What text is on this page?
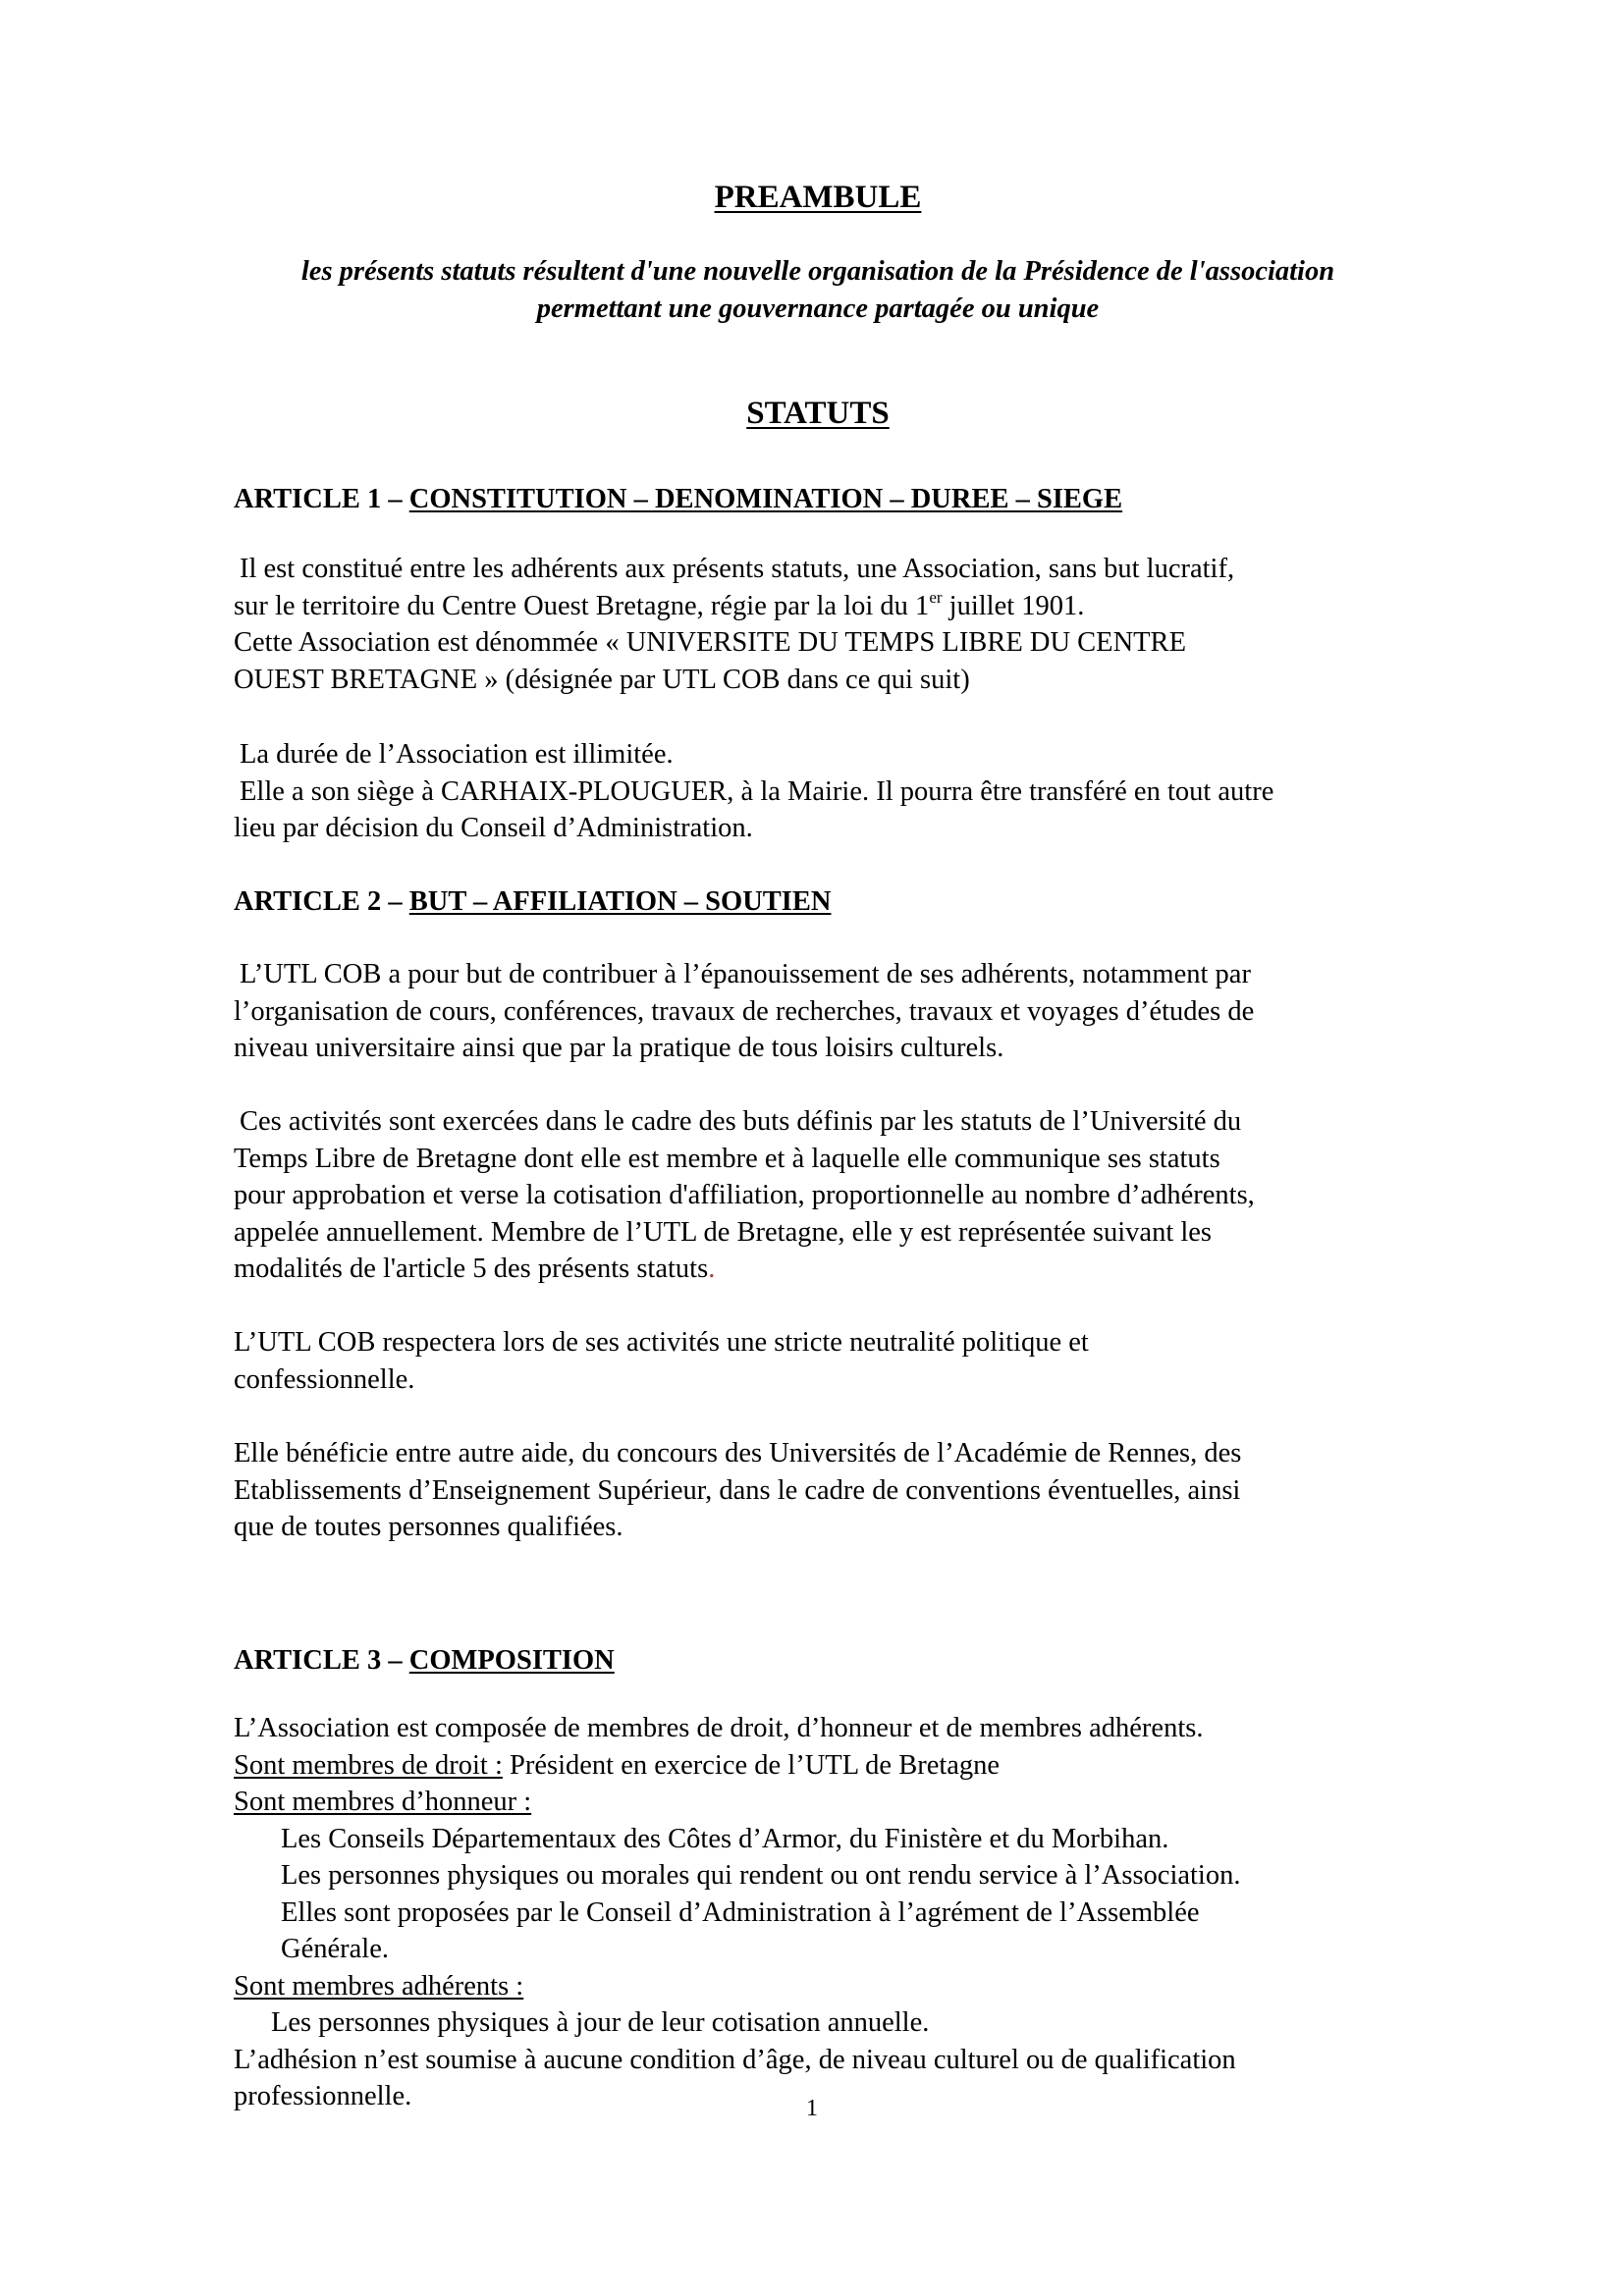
PREAMBULE
les présents statuts résultent d'une nouvelle organisation de la Présidence de l'association
permettant une gouvernance partagée ou unique
STATUTS
ARTICLE 1 – CONSTITUTION – DENOMINATION – DUREE – SIEGE
Il est constitué entre les adhérents aux présents statuts, une Association, sans but lucratif,
sur le territoire du Centre Ouest Bretagne, régie par la loi du 1er juillet 1901.
Cette Association est dénommée « UNIVERSITE DU TEMPS LIBRE DU CENTRE
OUEST BRETAGNE » (désignée par UTL COB dans ce qui suit)
La durée de l’Association est illimitée.
Elle a son siège à CARHAIX-PLOUGUER, à la Mairie. Il pourra être transféré en tout autre
lieu par décision du Conseil d’Administration.
ARTICLE 2 – BUT – AFFILIATION – SOUTIEN
L’UTL COB a pour but de contribuer à l’épanouissement de ses adhérents, notamment par
l’organisation de cours, conférences, travaux de recherches, travaux et voyages d’études de
niveau universitaire ainsi que par la pratique de tous loisirs culturels.
Ces activités sont exercées dans le cadre des buts définis par les statuts de l’Université du
Temps Libre de Bretagne dont elle est membre et à laquelle elle communique ses statuts
pour approbation et verse la cotisation d'affiliation, proportionnelle au nombre d’adhérents,
appelée annuellement. Membre de l’UTL de Bretagne, elle y est représentée suivant les
modalités de l'article 5 des présents statuts.
L’UTL COB respectera lors de ses activités une stricte neutralité politique et
confessionnelle.
Elle bénéficie entre autre aide, du concours des Universités de l’Académie de Rennes, des
Etablissements d’Enseignement Supérieur, dans le cadre de conventions éventuelles, ainsi
que de toutes personnes qualifiées.
ARTICLE 3 – COMPOSITION
L’Association est composée de membres de droit, d’honneur et de membres adhérents.
Sont membres de droit : Président en exercice de l’UTL de Bretagne
Sont membres d’honneur :
Les Conseils Départementaux des Côtes d’Armor, du Finistère et du Morbihan.
Les personnes physiques ou morales qui rendent ou ont rendu service à l’Association.
Elles sont proposées par le Conseil d’Administration à l’agrément de l’Assemblée
Générale.
Sont membres adhérents :
Les personnes physiques à jour de leur cotisation annuelle.
L’adhésion n’est soumise à aucune condition d’âge, de niveau culturel ou de qualification
professionnelle.	1
